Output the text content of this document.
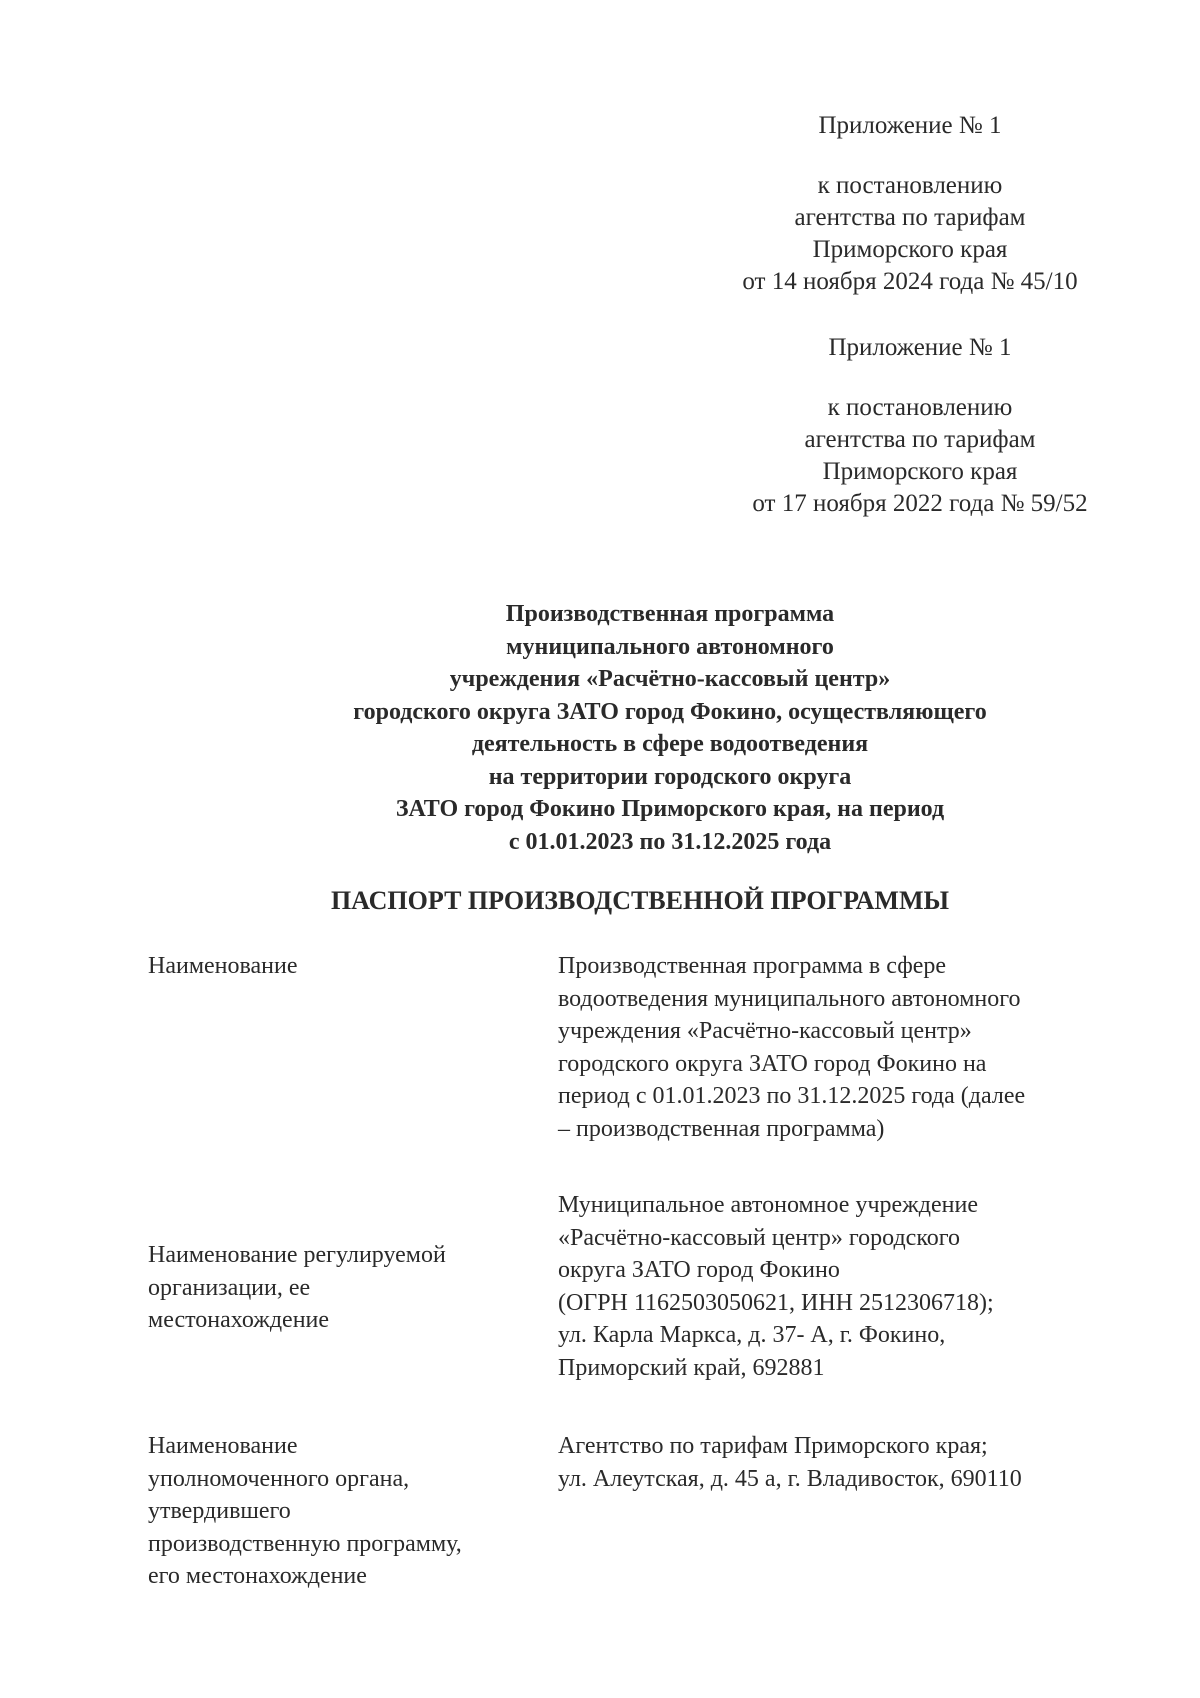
Приложение № 1
к постановлению
агентства по тарифам
Приморского края
от 14 ноября 2024 года № 45/10
Приложение № 1
к постановлению
агентства по тарифам
Приморского края
от 17 ноября 2022 года № 59/52
Производственная программа
муниципального автономного
учреждения «Расчётно-кассовый центр»
городского округа ЗАТО город Фокино, осуществляющего
деятельность в сфере водоотведения
на территории городского округа
ЗАТО город Фокино Приморского края, на период
с 01.01.2023 по 31.12.2025 года
ПАСПОРТ ПРОИЗВОДСТВЕННОЙ ПРОГРАММЫ
Наименование	Производственная программа в сфере
водоотведения муниципального автономного
учреждения «Расчётно-кассовый центр»
городского округа ЗАТО город Фокино на
период с 01.01.2023 по 31.12.2025 года (далее
– производственная программа)
Наименование регулируемой
организации, ее
местонахождение
Муниципальное автономное учреждение
«Расчётно-кассовый центр» городского
округа ЗАТО город Фокино
(ОГРН 1162503050621, ИНН 2512306718);
ул. Карла Маркса, д. 37- А, г. Фокино,
Приморский край, 692881
Наименование
уполномоченного органа,
утвердившего
производственную программу,
его местонахождение
Агентство по тарифам Приморского края;
ул. Алеутская, д. 45 а, г. Владивосток, 690110
